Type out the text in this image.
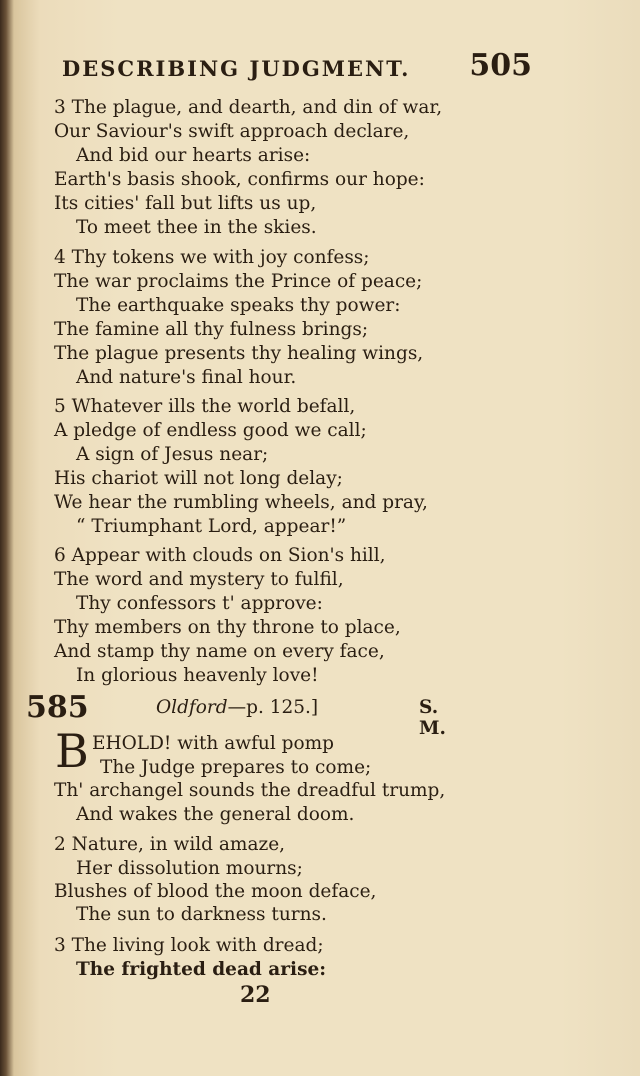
DESCRIBING JUDGMENT. 505
3 The plague, and dearth, and din of war,
Our Saviour's swift approach declare,
And bid our hearts arise:
Earth's basis shook, confirms our hope:
Its cities' fall but lifts us up,
To meet thee in the skies.
4 Thy tokens we with joy confess;
The war proclaims the Prince of peace;
The earthquake speaks thy power:
The famine all thy fulness brings;
The plague presents thy healing wings,
And nature's final hour.
5 Whatever ills the world befall,
A pledge of endless good we call;
A sign of Jesus near;
His chariot will not long delay;
We hear the rumbling wheels, and pray,
“ Triumphant Lord, appear!”
6 Appear with clouds on Sion's hill,
The word and mystery to fulfil,
Thy confessors t' approve:
Thy members on thy throne to place,
And stamp thy name on every face,
In glorious heavenly love!
585	Oldford—p. 125.]	S. M.
B EHOLD! with awful pomp
The Judge prepares to come;
Th' archangel sounds the dreadful trump,
And wakes the general doom.
2 Nature, in wild amaze,
Her dissolution mourns;
Blushes of blood the moon deface,
The sun to darkness turns.
3 The living look with dread;
The frighted dead arise:
22
